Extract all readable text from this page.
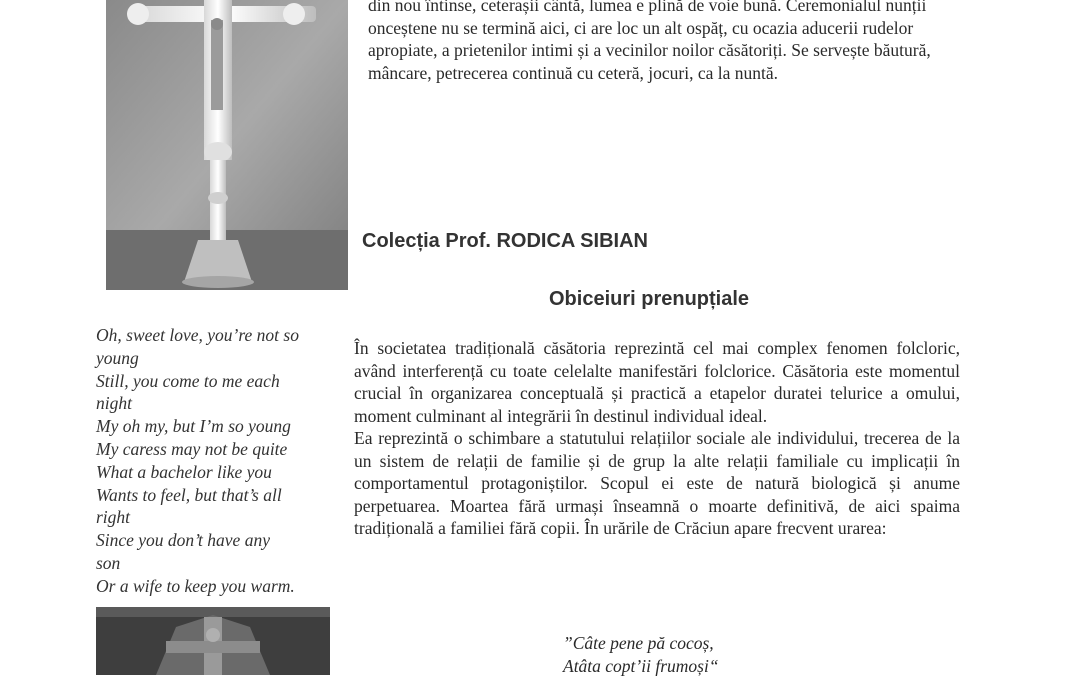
din nou întinse, ceterașii cântă, lumea e plină de voie bună. Ceremonialul nunții onceștene nu se termină aici, ci are loc un alt ospăț, cu ocazia aducerii rudelor apropiate, a prietenilor intimi și a vecinilor noilor căsătoriți. Se servește băutură, mâncare, petrecerea continuă cu ceteră, jocuri, ca la nuntă.

Colecția Prof. RODICA SIBIAN
Obiceiuri prenupțiale
Oh, sweet love, you’re not so
young
Still, you come to me each
night
My oh my, but I’m so young
My caress may not be quite
What a bachelor like you
Wants to feel, but that’s all
right
Since you don’t have any
son
Or a wife to keep you warm.

În societatea tradițională căsătoria reprezintă cel mai complex fenomen folcloric, având interferență cu toate celelalte manifestări folclorice. Căsătoria este momentul crucial în organizarea conceptuală și practică a etapelor duratei telurice a omului, moment culminant al integrării în destinul individual ideal.

Ea reprezintă o schimbare a statutului relațiilor sociale ale individului, trecerea de la un sistem de relații de familie și de grup la alte relații familiale cu implicații în comportamentul protagoniștilor. Scopul ei este de natură biologică și anume perpetuarea. Moartea fără urmași înseamnă o moarte definitivă, de aici spaima tradițională a familiei fără copii. În urările de Crăciun apare frecvent urarea:

”Câte pene pă cocoș,
Atâta copt’ii frumoși“
